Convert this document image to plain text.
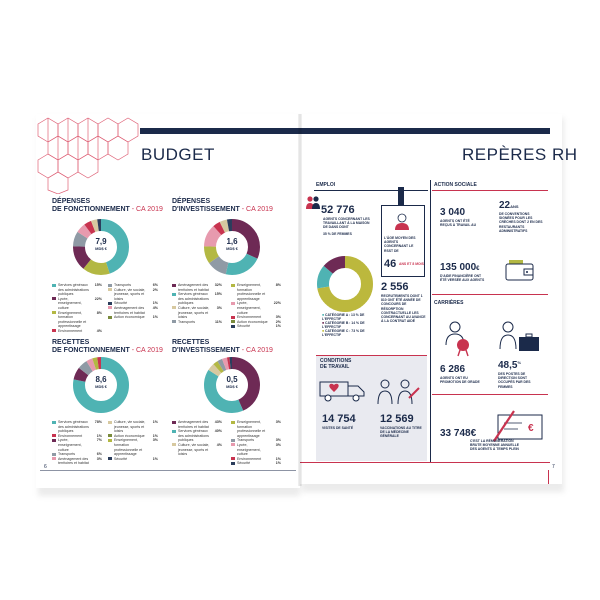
BUDGET
DÉPENSES
DE FONCTIONNEMENT - CA 2019
7,9
MD$ €
Services généraux des administrations publiques
15%
Lycée, enseignement, culture
22%
Enseignement, formation professionnelle et apprentissage
8%
Environnement	4%
Transports	6%
Culture, vie sociale, jeunesse, sports et loisirs
2%
Sécurité	1%
Aménagement des territoires et habitat
4%
Action économique	1%
DÉPENSES
D'INVESTISSEMENT - CA 2019
1,6
MD$ €
Aménagement des territoires et habitat
32%
Services généraux des administrations publiques
15%
Culture, vie sociale, jeunesse, sports et loisirs
3%
Transports	11%
Enseignement, formation professionnelle et apprentissage
8%
Lycée, enseignement, culture
22%
Environnement	3%
Action économique	2%
Sécurité	1%
RECETTES
DE FONCTIONNEMENT - CA 2019
8,6
MD$ €
Services généraux des administrations publiques
78%
Environnement	1%
Lycée, enseignement, culture
7%
Transports	6%
Aménagement des territoires et habitat
3%
Culture, vie sociale, jeunesse, sports et loisirs
1%
Action économique	1%
Enseignement, formation professionnelle et apprentissage
3%
Sécurité	1%
RECETTES
D'INVESTISSEMENT - CA 2019
0,5
MD$ €
Aménagement des territoires et habitat
43%
Services généraux des administrations publiques
40%
Culture, vie sociale, jeunesse, sports et loisirs
4%
Enseignement, formation professionnelle et apprentissage
3%
Transports	3%
Lycée, enseignement, culture
3%
Environnement	1%
Sécurité	1%
6
REPÈRES RH
EMPLOI
52 776
AGENTS CONCERNANT LES TRAVAILLANT À LA MAISON DE DANS DONT
35 % DE FEMMES
L'ÂGE MOYEN DES AGENTS CONCERNANT LE RSST DE
46 ANS ET 8 MOIS
■ CATÉGORIE A : 13 % DE L'EFFECTIF
■ CATÉGORIE B : 14 % DE L'EFFECTIF
■ CATÉGORIE C : 73 % DE L'EFFECTIF
2 556
RECRUTEMENTS DONT 1 810 ONT ÉTÉ ANNÉE DE CONCOURS DE RÉSORPTION CONTRACTUELLE LES CONCERNANT AU AVANCE À LA CONTRAT AIDÉ
CONDITIONS
DE TRAVAIL
14 754
VISITES DE SANTÉ
12 569
VACCINATIONS AU TITRE DE LA MÉDECINE GÉNÉRALE
ACTION SOCIALE
3 040
AGENTS ONT ÉTÉ REÇUS À TRAVAIL AU
22ANS
DE CONVENTIONS SIGNÉES POUR LES CRÈCHES DONT 2 EN DES RESTAURANTS ADMINISTRATIFS
135 000€
D'AIDE FINANCIÈRE ONT ÉTÉ VERSÉE AUX AGENTS
CARRIÈRES
6 286
AGENTS ONT EU PROMOTION DE GRADE
48,5%
DES POSTES DE DIRECTION SONT OCCUPÉS PAR DES FEMMES
€
33 748€
C'EST LA RÉMUNÉRATION BRUTE MOYENNE ANNUELLE DES AGENTS À TEMPS PLEIN
7
